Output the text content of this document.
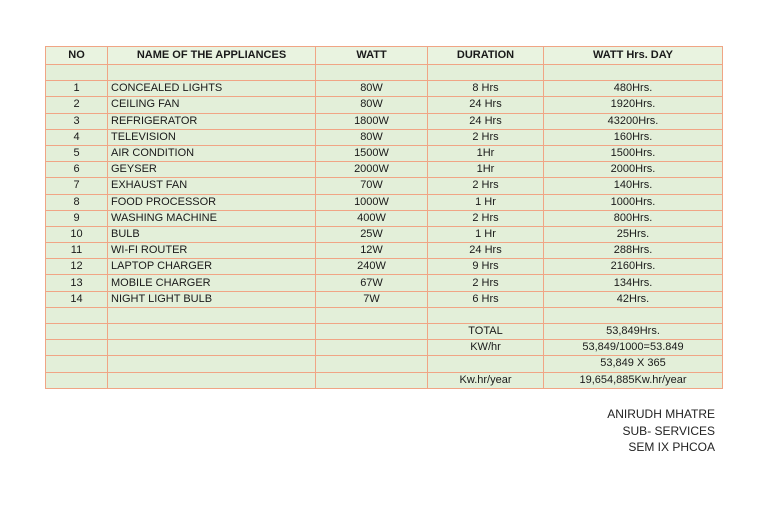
NO	NAME OF THE APPLIANCES	WATT	DURATION	WATT Hrs. DAY

1	CONCEALED LIGHTS	80W	8 Hrs	480Hrs.
2	CEILING FAN	80W	24 Hrs	1920Hrs.
3	REFRIGERATOR	1800W	24 Hrs	43200Hrs.
4	TELEVISION	80W	2 Hrs	160Hrs.
5	AIR CONDITION	1500W	1Hr	1500Hrs.
6	GEYSER	2000W	1Hr	2000Hrs.
7	EXHAUST FAN	70W	2 Hrs	140Hrs.
8	FOOD PROCESSOR	1000W	1 Hr	1000Hrs.
9	WASHING MACHINE	400W	2 Hrs	800Hrs.
10	BULB	25W	1 Hr	25Hrs.
11	WI-FI ROUTER	12W	24 Hrs	288Hrs.
12	LAPTOP CHARGER	240W	9 Hrs	2160Hrs.
13	MOBILE CHARGER	67W	2 Hrs	134Hrs.
14	NIGHT LIGHT BULB	7W	6 Hrs	42Hrs.

			TOTAL	53,849Hrs.
			KW/hr	53,849/1000=53.849
				53,849 X 365
			Kw.hr/year	19,654,885Kw.hr/year
ANIRUDH MHATRE
SUB- SERVICES
SEM IX PHCOA
